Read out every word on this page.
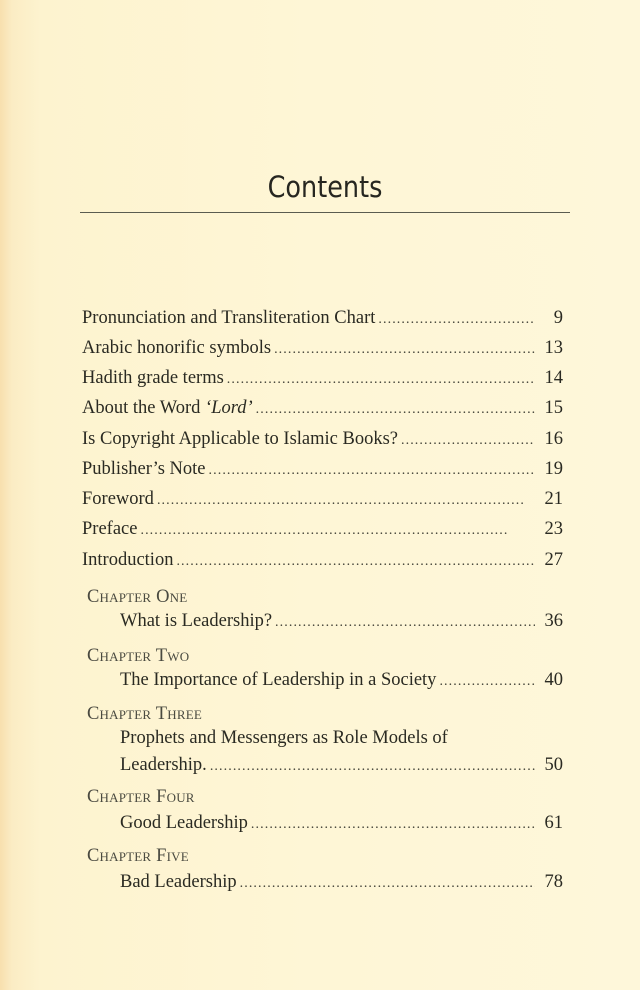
Contents
Pronunciation and Transliteration Chart . . .	9
Arabic honorific symbols . . .	13
Hadith grade terms . . .	14
About the Word ‘Lord’ . . .	15
Is Copyright Applicable to Islamic Books? . . .	16
Publisher’s Note . . .	19
Foreword . . .	21
Preface . . .	23
Introduction . . .	27
Chapter One
What is Leadership? . . .	36
Chapter Two
The Importance of Leadership in a Society . . .	40
Chapter Three
Prophets and Messengers as Role Models of
Leadership. . . .	50
Chapter Four
Good Leadership . . .	61
Chapter Five
Bad Leadership . . .	78
